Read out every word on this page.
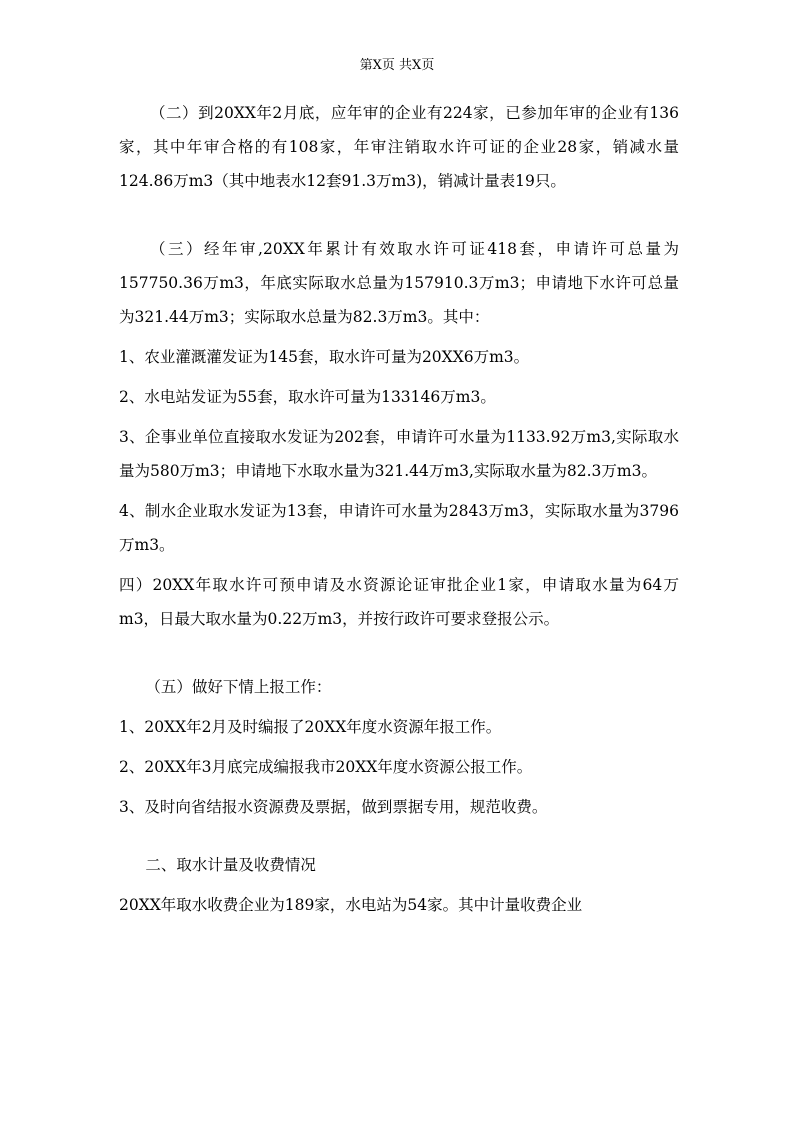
第X页 共X页

（二）到20XX年2月底，应年审的企业有224家，已参加年审的企业有136家，其中年审合格的有108家，年审注销取水许可证的企业28家，销减水量124.86万m3（其中地表水12套91.3万m3)，销减计量表19只。

（三）经年审,20XX年累计有效取水许可证418套，申请许可总量为157750.36万m3，年底实际取水总量为157910.3万m3；申请地下水许可总量为321.44万m3；实际取水总量为82.3万m3。其中：

1、农业灌溉灌发证为145套，取水许可量为20XX6万m3。

2、水电站发证为55套，取水许可量为133146万m3。

3、企事业单位直接取水发证为202套，申请许可水量为1133.92万m3,实际取水量为580万m3；申请地下水取水量为321.44万m3,实际取水量为82.3万m3。

4、制水企业取水发证为13套，申请许可水量为2843万m3，实际取水量为3796万m3。

四）20XX年取水许可预申请及水资源论证审批企业1家，申请取水量为64万m3，日最大取水量为0.22万m3，并按行政许可要求登报公示。

（五）做好下情上报工作：

1、20XX年2月及时编报了20XX年度水资源年报工作。

2、20XX年3月底完成编报我市20XX年度水资源公报工作。

3、及时向省结报水资源费及票据，做到票据专用，规范收费。

二、取水计量及收费情况

20XX年取水收费企业为189家，水电站为54家。其中计量收费企业
